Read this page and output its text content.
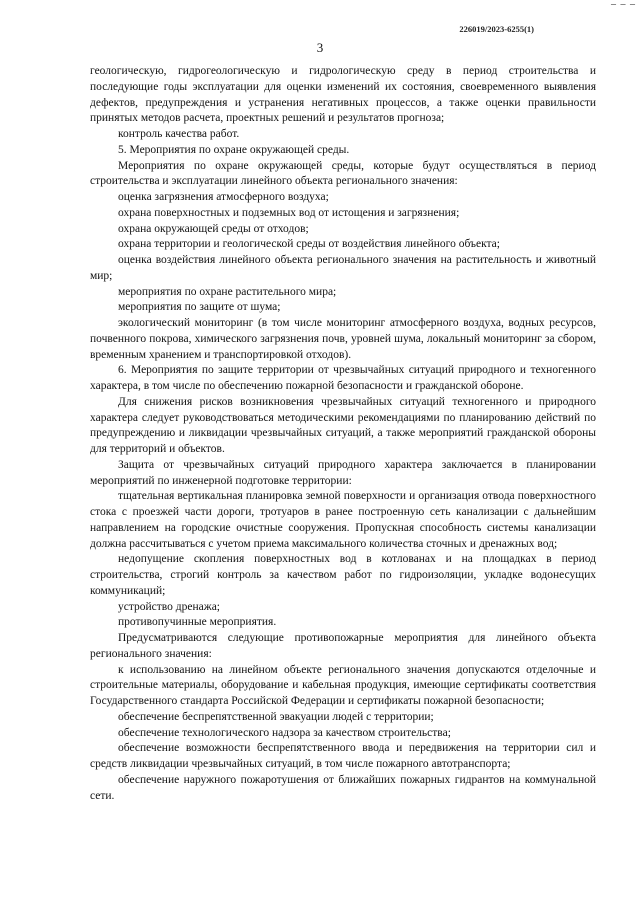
– – –
226019/2023-6255(1)
3

геологическую, гидрогеологическую и гидрологическую среду в период строительства и последующие годы эксплуатации для оценки изменений их состояния, своевременного выявления дефектов, предупреждения и устранения негативных процессов, а также оценки правильности принятых методов расчета, проектных решений и результатов прогноза;

контроль качества работ.

5. Мероприятия по охране окружающей среды.

Мероприятия по охране окружающей среды, которые будут осуществляться в период строительства и эксплуатации линейного объекта регионального значения:

оценка загрязнения атмосферного воздуха;

охрана поверхностных и подземных вод от истощения и загрязнения;

охрана окружающей среды от отходов;

охрана территории и геологической среды от воздействия линейного объекта;

оценка воздействия линейного объекта регионального значения на растительность и животный мир;

мероприятия по охране растительного мира;

мероприятия по защите от шума;

экологический мониторинг (в том числе мониторинг атмосферного воздуха, водных ресурсов, почвенного покрова, химического загрязнения почв, уровней шума, локальный мониторинг за сбором, временным хранением и транспортировкой отходов).

6. Мероприятия по защите территории от чрезвычайных ситуаций природного и техногенного характера, в том числе по обеспечению пожарной безопасности и гражданской обороне.

Для снижения рисков возникновения чрезвычайных ситуаций техногенного и природного характера следует руководствоваться методическими рекомендациями по планированию действий по предупреждению и ликвидации чрезвычайных ситуаций, а также мероприятий гражданской обороны для территорий и объектов.

Защита от чрезвычайных ситуаций природного характера заключается в планировании мероприятий по инженерной подготовке территории:

тщательная вертикальная планировка земной поверхности и организация отвода поверхностного стока с проезжей части дороги, тротуаров в ранее построенную сеть канализации с дальнейшим направлением на городские очистные сооружения. Пропускная способность системы канализации должна рассчитываться с учетом приема максимального количества сточных и дренажных вод;

недопущение скопления поверхностных вод в котлованах и на площадках в период строительства, строгий контроль за качеством работ по гидроизоляции, укладке водонесущих коммуникаций;

устройство дренажа;

противопучинные мероприятия.

Предусматриваются следующие противопожарные мероприятия для линейного объекта регионального значения:

к использованию на линейном объекте регионального значения допускаются отделочные и строительные материалы, оборудование и кабельная продукция, имеющие сертификаты соответствия Государственного стандарта Российской Федерации и сертификаты пожарной безопасности;

обеспечение беспрепятственной эвакуации людей с территории;

обеспечение технологического надзора за качеством строительства;

обеспечение возможности беспрепятственного ввода и передвижения на территории сил и средств ликвидации чрезвычайных ситуаций, в том числе пожарного автотранспорта;

обеспечение наружного пожаротушения от ближайших пожарных гидрантов на коммунальной сети.
